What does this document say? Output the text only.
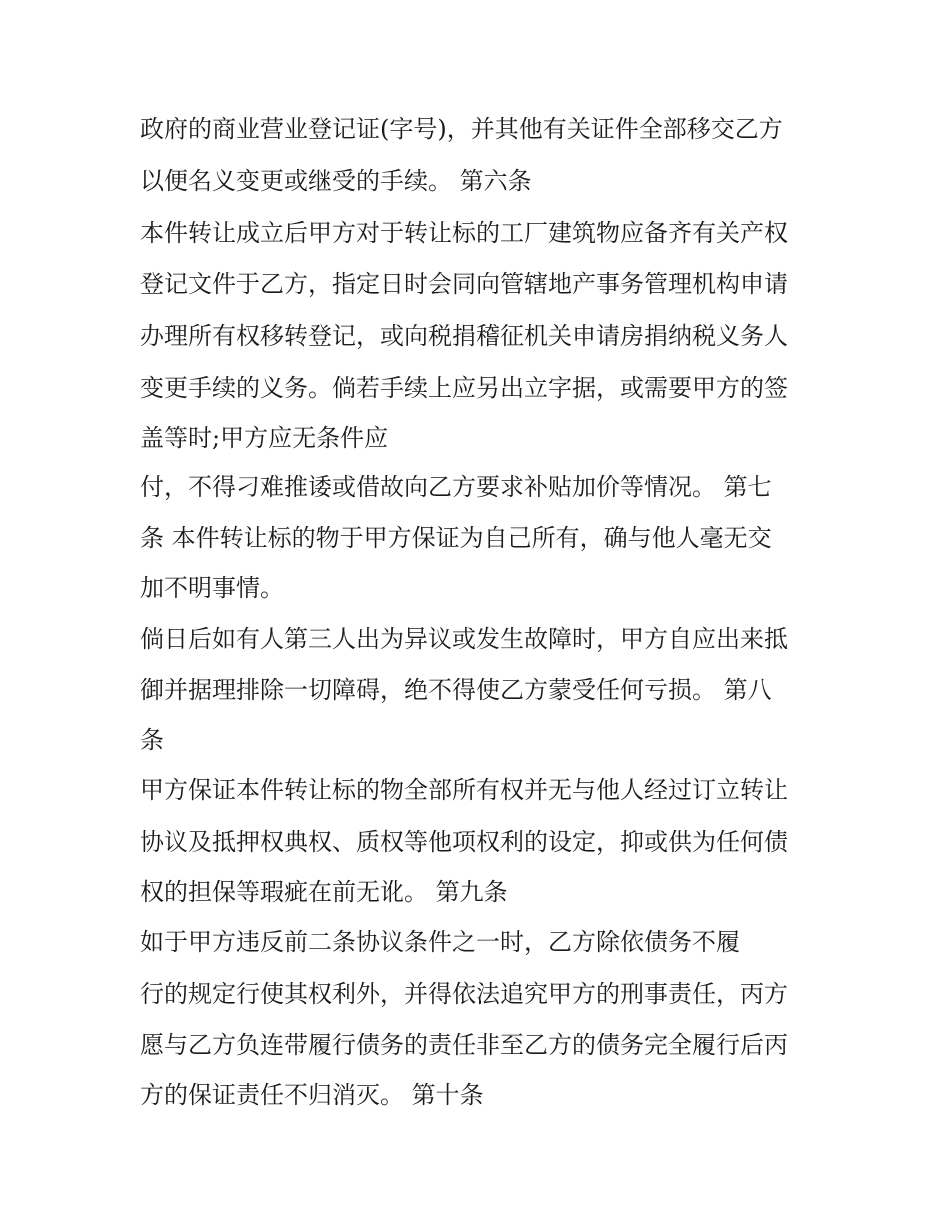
政府的商业营业登记证(字号)，并其他有关证件全部移交乙方
以便名义变更或继受的手续。 第六条
本件转让成立后甲方对于转让标的工厂建筑物应备齐有关产权
登记文件于乙方，指定日时会同向管辖地产事务管理机构申请
办理所有权移转登记，或向税捐稽征机关申请房捐纳税义务人
变更手续的义务。倘若手续上应另出立字据，或需要甲方的签
盖等时;甲方应无条件应
付，不得刁难推诿或借故向乙方要求补贴加价等情况。 第七
条 本件转让标的物于甲方保证为自己所有，确与他人毫无交
加不明事情。
倘日后如有人第三人出为异议或发生故障时，甲方自应出来抵
御并据理排除一切障碍，绝不得使乙方蒙受任何亏损。 第八
条
甲方保证本件转让标的物全部所有权并无与他人经过订立转让
协议及抵押权典权、质权等他项权利的设定，抑或供为任何债
权的担保等瑕疵在前无讹。 第九条
如于甲方违反前二条协议条件之一时，乙方除依债务不履
行的规定行使其权利外，并得依法追究甲方的刑事责任，丙方
愿与乙方负连带履行债务的责任非至乙方的债务完全履行后丙
方的保证责任不归消灭。 第十条
